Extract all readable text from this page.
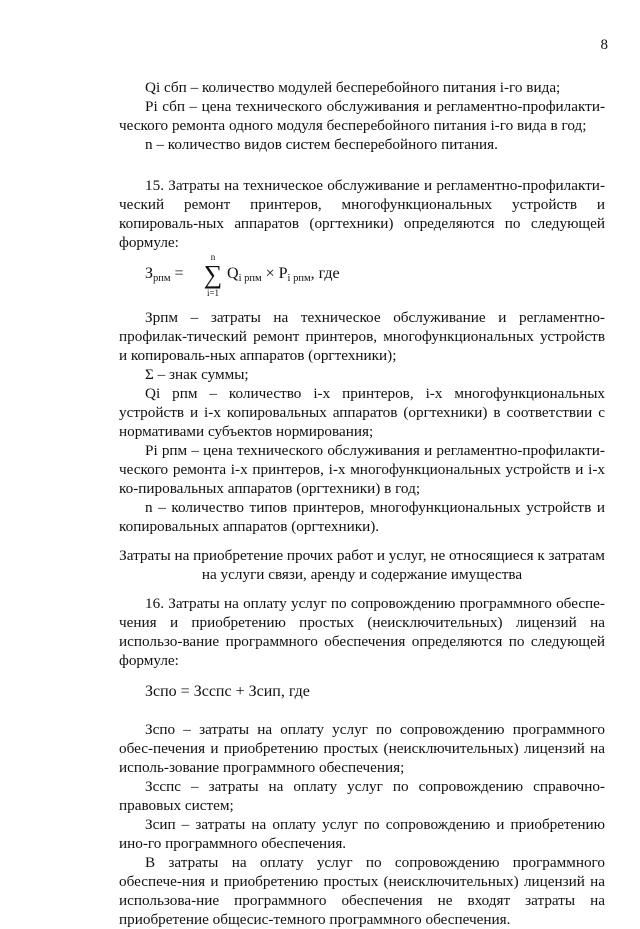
8

Qi сбп – количество модулей бесперебойного питания i-го вида;

Pi сбп – цена технического обслуживания и регламентно-профилакти-ческого ремонта одного модуля бесперебойного питания i-го вида в год;

n – количество видов систем бесперебойного питания.

15. Затраты на техническое обслуживание и регламентно-профилакти-ческий ремонт принтеров, многофункциональных устройств и копироваль-ных аппаратов (оргтехники) определяются по следующей формуле:

$З_{рпм}$ =
n
∑
i=1
$Q_{i рпм} \times P_{i рпм}$, где

Зрпм – затраты на техническое обслуживание и регламентно-профилак-тический ремонт принтеров, многофункциональных устройств и копироваль-ных аппаратов (оргтехники);

Σ – знак суммы;

Qi рпм – количество i-х принтеров, i-х многофункциональных устройств и i-х копировальных аппаратов (оргтехники) в соответствии с нормативами субъектов нормирования;

Pi рпм – цена технического обслуживания и регламентно-профилакти-ческого ремонта i-х принтеров, i-х многофункциональных устройств и i-х ко-пировальных аппаратов (оргтехники) в год;

n – количество типов принтеров, многофункциональных устройств и копировальных аппаратов (оргтехники).

Затраты на приобретение прочих работ и услуг, не относящиеся к затратам на услуги связи, аренду и содержание имущества

16. Затраты на оплату услуг по сопровождению программного обеспе-чения и приобретению простых (неисключительных) лицензий на использо-вание программного обеспечения определяются по следующей формуле:

Зспо = Зсспс + Зсип, где

Зспо – затраты на оплату услуг по сопровождению программного обес-печения и приобретению простых (неисключительных) лицензий на исполь-зование программного обеспечения;

Зсспс – затраты на оплату услуг по сопровождению справочно-правовых систем;

Зсип – затраты на оплату услуг по сопровождению и приобретению ино-го программного обеспечения.

В затраты на оплату услуг по сопровождению программного обеспече-ния и приобретению простых (неисключительных) лицензий на использова-ние программного обеспечения не входят затраты на приобретение общесис-темного программного обеспечения.
